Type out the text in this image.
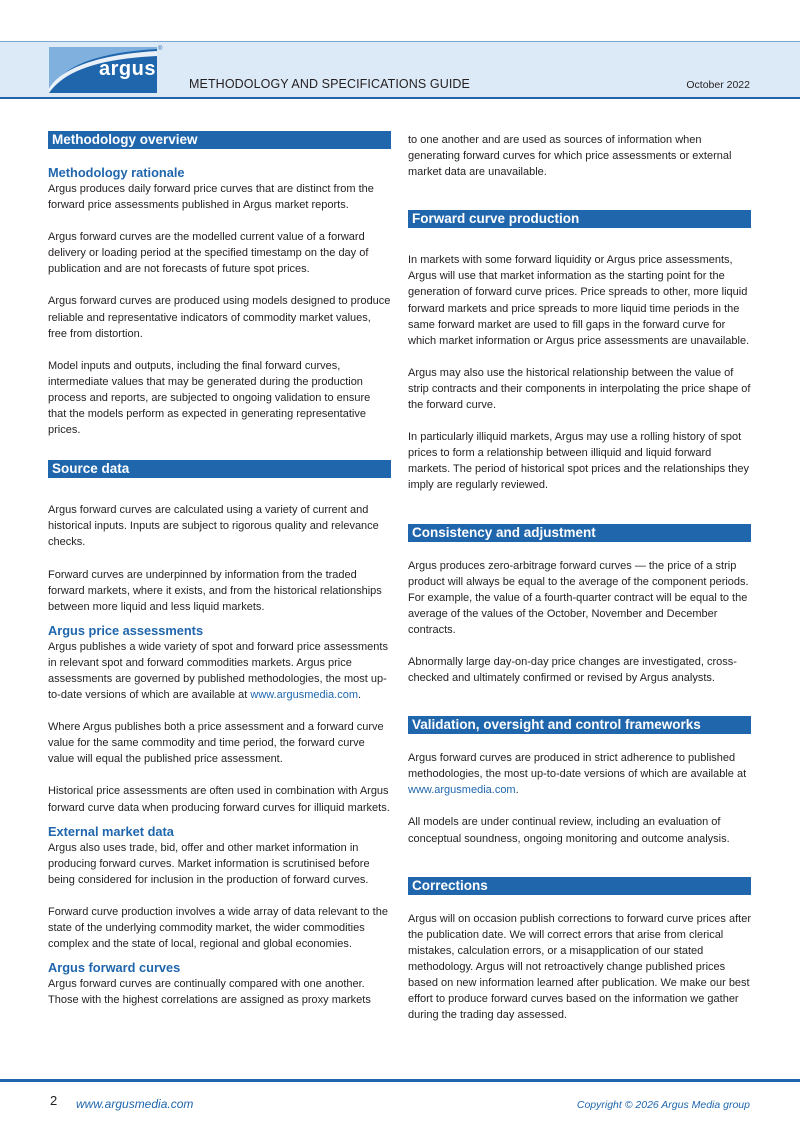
argus
®
METHODOLOGY AND SPECIFICATIONS GUIDE	October 2022
Methodology overview
Methodology rationale

Argus produces daily forward price curves that are distinct from the forward price assessments published in Argus market reports.

Argus forward curves are the modelled current value of a forward delivery or loading period at the specified timestamp on the day of publication and are not forecasts of future spot prices.

Argus forward curves are produced using models designed to produce reliable and representative indicators of commodity market values, free from distortion.

Model inputs and outputs, including the final forward curves, intermediate values that may be generated during the production process and reports, are subjected to ongoing validation to ensure that the models perform as expected in generating representative prices.

Source data

Argus forward curves are calculated using a variety of current and historical inputs. Inputs are subject to rigorous quality and relevance checks.

Forward curves are underpinned by information from the traded forward markets, where it exists, and from the historical relationships between more liquid and less liquid markets.

Argus price assessments

Argus publishes a wide variety of spot and forward price assessments in relevant spot and forward commodities markets. Argus price assessments are governed by published methodologies, the most up-to-date versions of which are available at www.argusmedia.com.

Where Argus publishes both a price assessment and a forward curve value for the same commodity and time period, the forward curve value will equal the published price assessment.

Historical price assessments are often used in combination with Argus forward curve data when producing forward curves for illiquid markets.

External market data

Argus also uses trade, bid, offer and other market information in producing forward curves. Market information is scrutinised before being considered for inclusion in the production of forward curves.

Forward curve production involves a wide array of data relevant to the state of the underlying commodity market, the wider commodities complex and the state of local, regional and global economies.

Argus forward curves

Argus forward curves are continually compared with one another. Those with the highest correlations are assigned as proxy markets

to one another and are used as sources of information when generating forward curves for which price assessments or external market data are unavailable.

Forward curve production

In markets with some forward liquidity or Argus price assessments, Argus will use that market information as the starting point for the generation of forward curve prices. Price spreads to other, more liquid forward markets and price spreads to more liquid time periods in the same forward market are used to fill gaps in the forward curve for which market information or Argus price assessments are unavailable.

Argus may also use the historical relationship between the value of strip contracts and their components in interpolating the price shape of the forward curve.

In particularly illiquid markets, Argus may use a rolling history of spot prices to form a relationship between illiquid and liquid forward markets. The period of historical spot prices and the relationships they imply are regularly reviewed.

Consistency and adjustment

Argus produces zero-arbitrage forward curves — the price of a strip product will always be equal to the average of the component periods. For example, the value of a fourth-quarter contract will be equal to the average of the values of the October, November and December contracts.

Abnormally large day-on-day price changes are investigated, cross-checked and ultimately confirmed or revised by Argus analysts.

Validation, oversight and control frameworks

Argus forward curves are produced in strict adherence to published methodologies, the most up-to-date versions of which are available at www.argusmedia.com.

All models are under continual review, including an evaluation of conceptual soundness, ongoing monitoring and outcome analysis.

Corrections

Argus will on occasion publish corrections to forward curve prices after the publication date. We will correct errors that arise from clerical mistakes, calculation errors, or a misapplication of our stated methodology. Argus will not retroactively change published prices based on new information learned after publication. We make our best effort to produce forward curves based on the information we gather during the trading day assessed.

2 www.argusmedia.com	Copyright © 2026 Argus Media group
